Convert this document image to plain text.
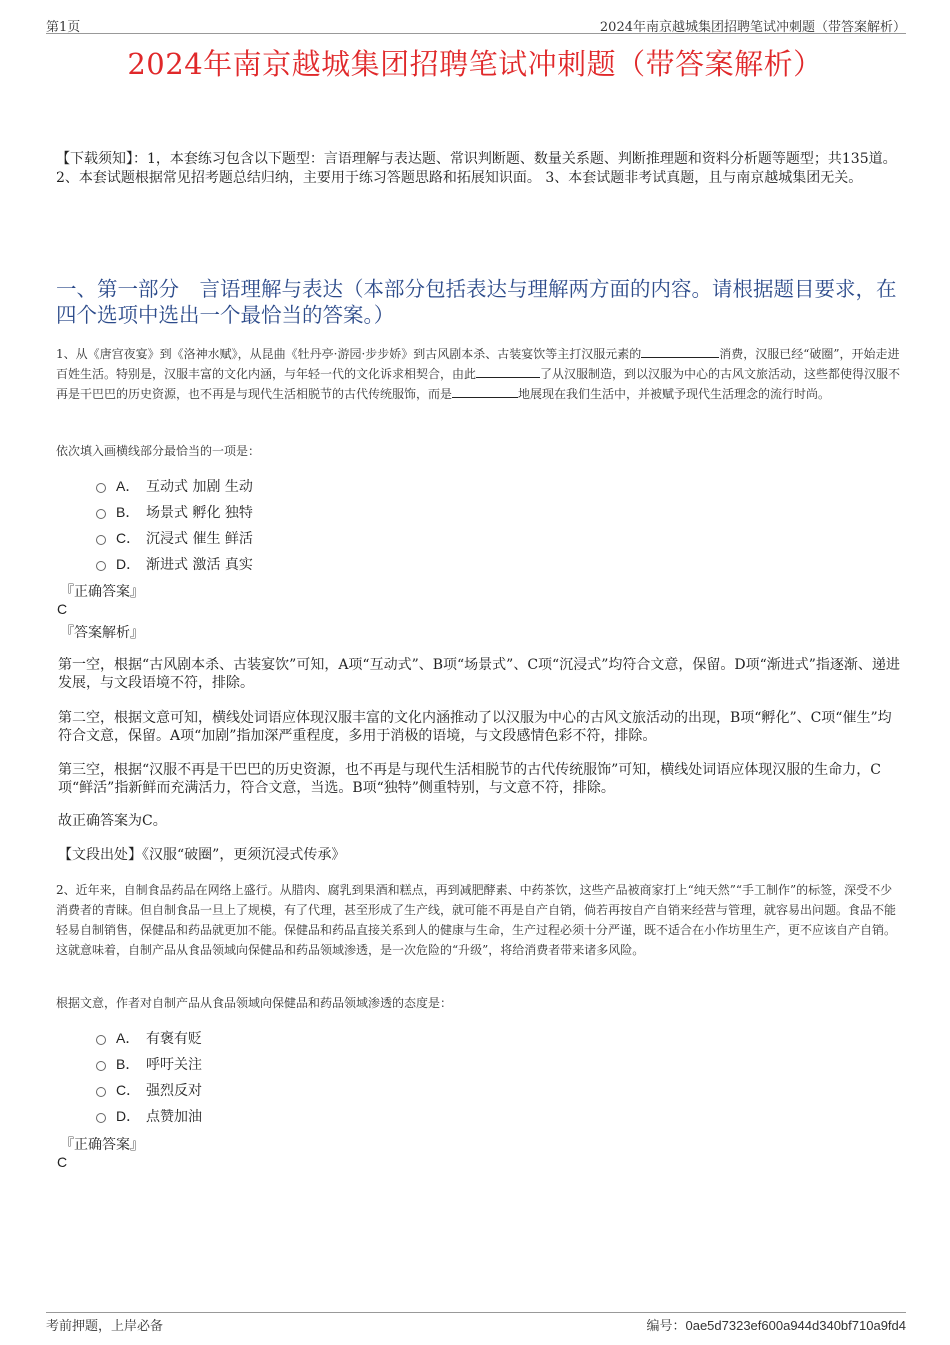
第1页	2024年南京越城集团招聘笔试冲刺题（带答案解析）
2024年南京越城集团招聘笔试冲刺题（带答案解析）

【下载须知】：1，本套练习包含以下题型：言语理解与表达题、常识判断题、数量关系题、判断推理题和资料分析题等题型；共135道。 2、本套试题根据常见招考题总结归纳，主要用于练习答题思路和拓展知识面。 3、本套试题非考试真题，且与南京越城集团无关。

一、第一部分　言语理解与表达（本部分包括表达与理解两方面的内容。请根据题目要求，在四个选项中选出一个最恰当的答案。）

1、从《唐宫夜宴》到《洛神水赋》，从昆曲《牡丹亭·游园·步步娇》到古风剧本杀、古装宴饮等主打汉服元素的	消费，汉服已经“破圈”，开始走进百姓生活。特别是，汉服丰富的文化内涵，与年轻一代的文化诉求相契合，由此	了从汉服制造，到以汉服为中心的古风文旅活动，这些都使得汉服不再是干巴巴的历史资源，也不再是与现代生活相脱节的古代传统服饰，而是	地展现在我们生活中，并被赋予现代生活理念的流行时尚。

依次填入画横线部分最恰当的一项是：

A． 互动式 加剧 生动
B． 场景式 孵化 独特
C． 沉浸式 催生 鲜活
D． 渐进式 激活 真实

『正确答案』

C

『答案解析』

第一空，根据“古风剧本杀、古装宴饮”可知，A项“互动式”、B项“场景式”、C项“沉浸式”均符合文意，保留。D项“渐进式”指逐渐、递进发展，与文段语境不符，排除。

第二空，根据文意可知，横线处词语应体现汉服丰富的文化内涵推动了以汉服为中心的古风文旅活动的出现，B项“孵化”、C项“催生”均符合文意，保留。A项“加剧”指加深严重程度，多用于消极的语境，与文段感情色彩不符，排除。

第三空，根据“汉服不再是干巴巴的历史资源，也不再是与现代生活相脱节的古代传统服饰”可知，横线处词语应体现汉服的生命力，C项“鲜活”指新鲜而充满活力，符合文意，当选。B项“独特”侧重特别，与文意不符，排除。

故正确答案为C。

【文段出处】《汉服“破圈”，更须沉浸式传承》

2、近年来，自制食品药品在网络上盛行。从腊肉、腐乳到果酒和糕点，再到减肥酵素、中药茶饮，这些产品被商家打上“纯天然”“手工制作”的标签，深受不少消费者的青睐。但自制食品一旦上了规模，有了代理，甚至形成了生产线，就可能不再是自产自销，倘若再按自产自销来经营与管理，就容易出问题。食品不能轻易自制销售，保健品和药品就更加不能。保健品和药品直接关系到人的健康与生命，生产过程必须十分严谨，既不适合在小作坊里生产，更不应该自产自销。这就意味着，自制产品从食品领域向保健品和药品领域渗透，是一次危险的“升级”，将给消费者带来诸多风险。

根据文意，作者对自制产品从食品领域向保健品和药品领域渗透的态度是：

A． 有褒有贬
B． 呼吁关注
C． 强烈反对
D． 点赞加油

『正确答案』

C

考前押题，上岸必备	编号：0ae5d7323ef600a944d340bf710a9fd4
